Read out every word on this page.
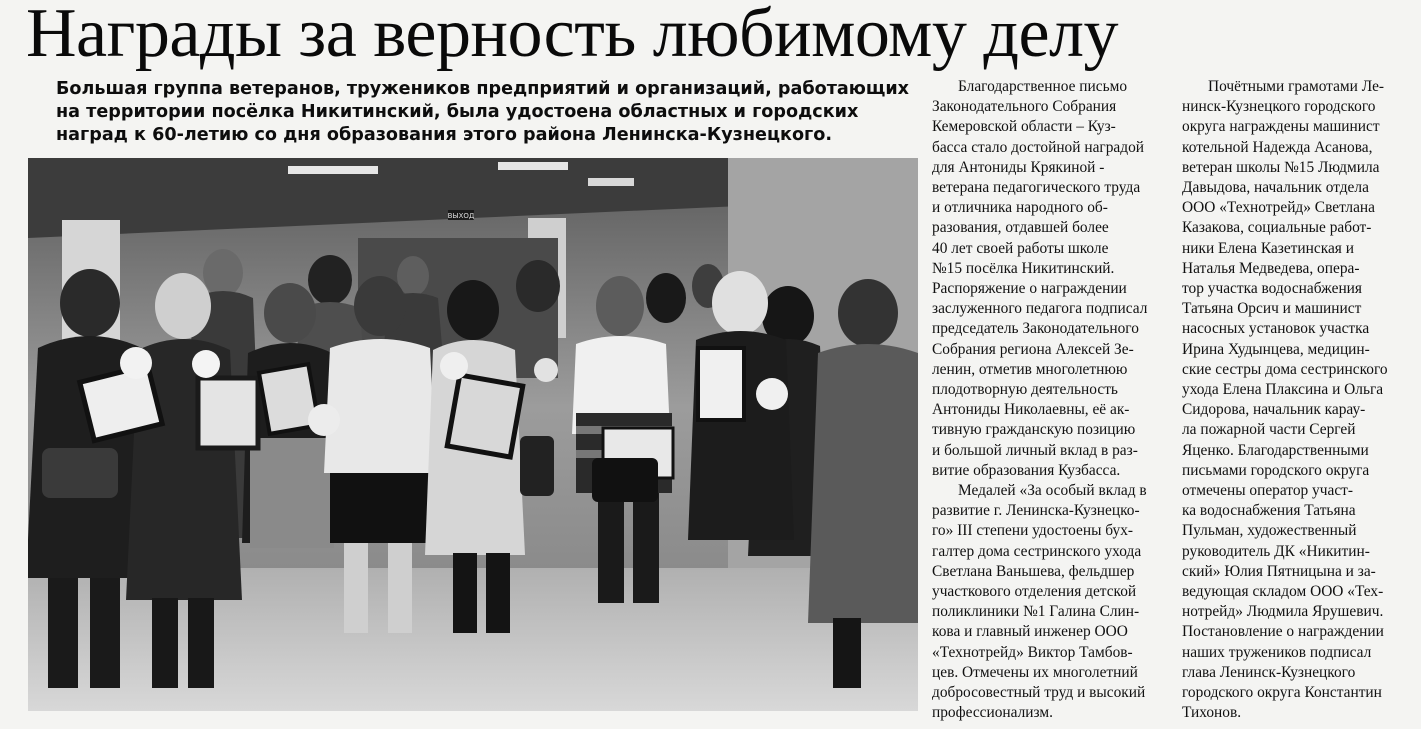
Награды за верность любимому делу
Большая группа ветеранов, тружеников предприятий и организаций, работающих
на территории посёлка Никитинский, была удостоена областных и городских
наград к 60-летию со дня образования этого района Ленинска-Кузнецкого.
ВЫХОД
Благодарственное письмо
Законодательного Собрания
Кемеровской области – Куз-
басса стало достойной наградой
для Антониды Крякиной -
ветерана педагогического труда
и отличника народного об-
разования, отдавшей более
40 лет своей работы школе
№15 посёлка Никитинский.
Распоряжение о награждении
заслуженного педагога подписал
председатель Законодательного
Собрания региона Алексей Зе-
ленин, отметив многолетнюю
плодотворную деятельность
Антониды Николаевны, её ак-
тивную гражданскую позицию
и большой личный вклад в раз-
витие образования Кузбасса.
Медалей «За особый вклад в
развитие г. Ленинска-Кузнецко-
го» III степени удостоены бух-
галтер дома сестринского ухода
Светлана Ваньшева, фельдшер
участкового отделения детской
поликлиники №1 Галина Слин-
кова и главный инженер ООО
«Технотрейд» Виктор Тамбов-
цев. Отмечены их многолетний
добросовестный труд и высокий
профессионализм.
Почётными грамотами Ле-
нинск-Кузнецкого городского
округа награждены машинист
котельной Надежда Асанова,
ветеран школы №15 Людмила
Давыдова, начальник отдела
ООО «Технотрейд» Светлана
Казакова, социальные работ-
ники Елена Казетинская и
Наталья Медведева, опера-
тор участка водоснабжения
Татьяна Орсич и машинист
насосных установок участка
Ирина Худынцева, медицин-
ские сестры дома сестринского
ухода Елена Плаксина и Ольга
Сидорова, начальник карау-
ла пожарной части Сергей
Яценко. Благодарственными
письмами городского округа
отмечены оператор участ-
ка водоснабжения Татьяна
Пульман, художественный
руководитель ДК «Никитин-
ский» Юлия Пятницына и за-
ведующая складом ООО «Тех-
нотрейд» Людмила Ярушевич.
Постановление о награждении
наших тружеников подписал
глава Ленинск-Кузнецкого
городского округа Константин
Тихонов.
